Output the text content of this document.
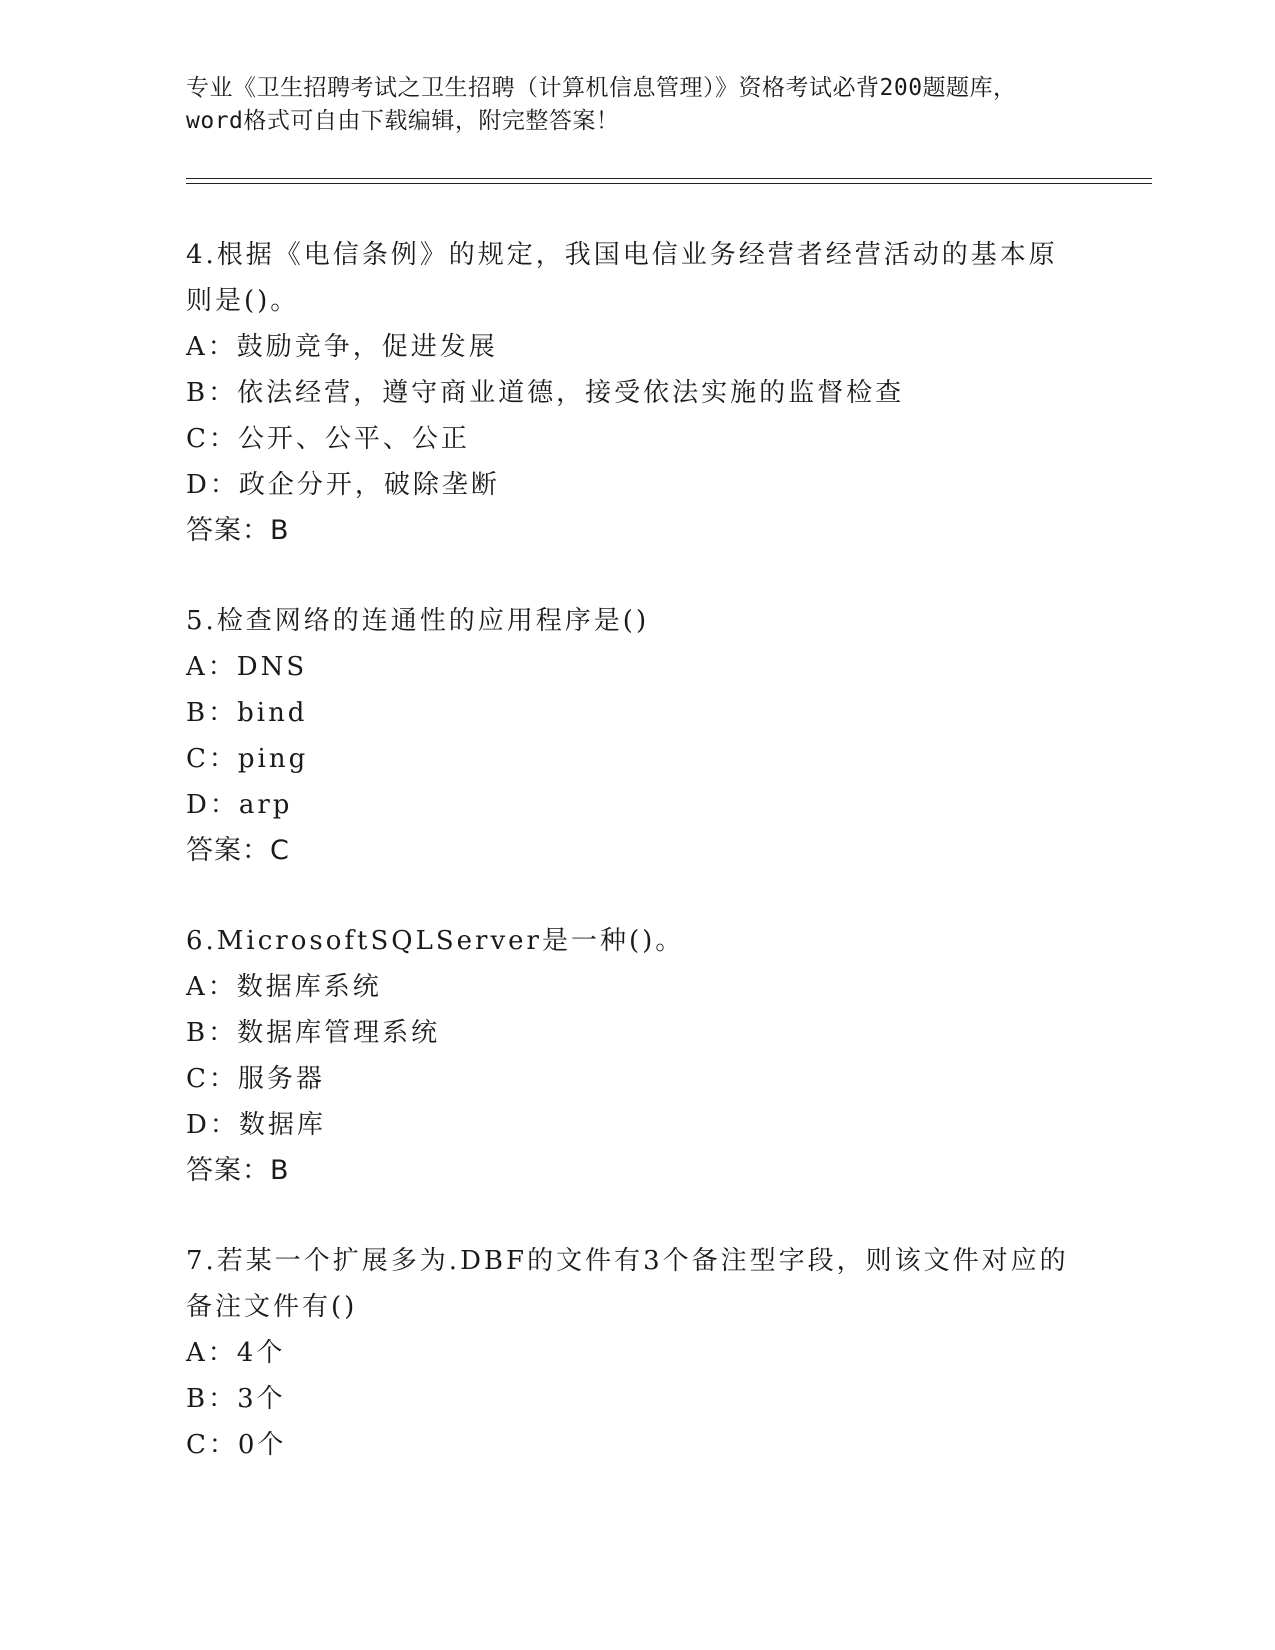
专业《卫生招聘考试之卫生招聘（计算机信息管理）》资格考试必背200题题库，
word格式可自由下载编辑，附完整答案！
4.根据《电信条例》的规定，我国电信业务经营者经营活动的基本原
则是()。
A：鼓励竞争，促进发展
B：依法经营，遵守商业道德，接受依法实施的监督检查
C：公开、公平、公正
D：政企分开，破除垄断
答案：B
5.检查网络的连通性的应用程序是()
A：DNS
B：bind
C：ping
D：arp
答案：C
6.MicrosoftSQLServer是一种()。
A：数据库系统
B：数据库管理系统
C：服务器
D：数据库
答案：B
7.若某一个扩展多为.DBF的文件有3个备注型字段，则该文件对应的
备注文件有()
A：4个
B：3个
C：0个
